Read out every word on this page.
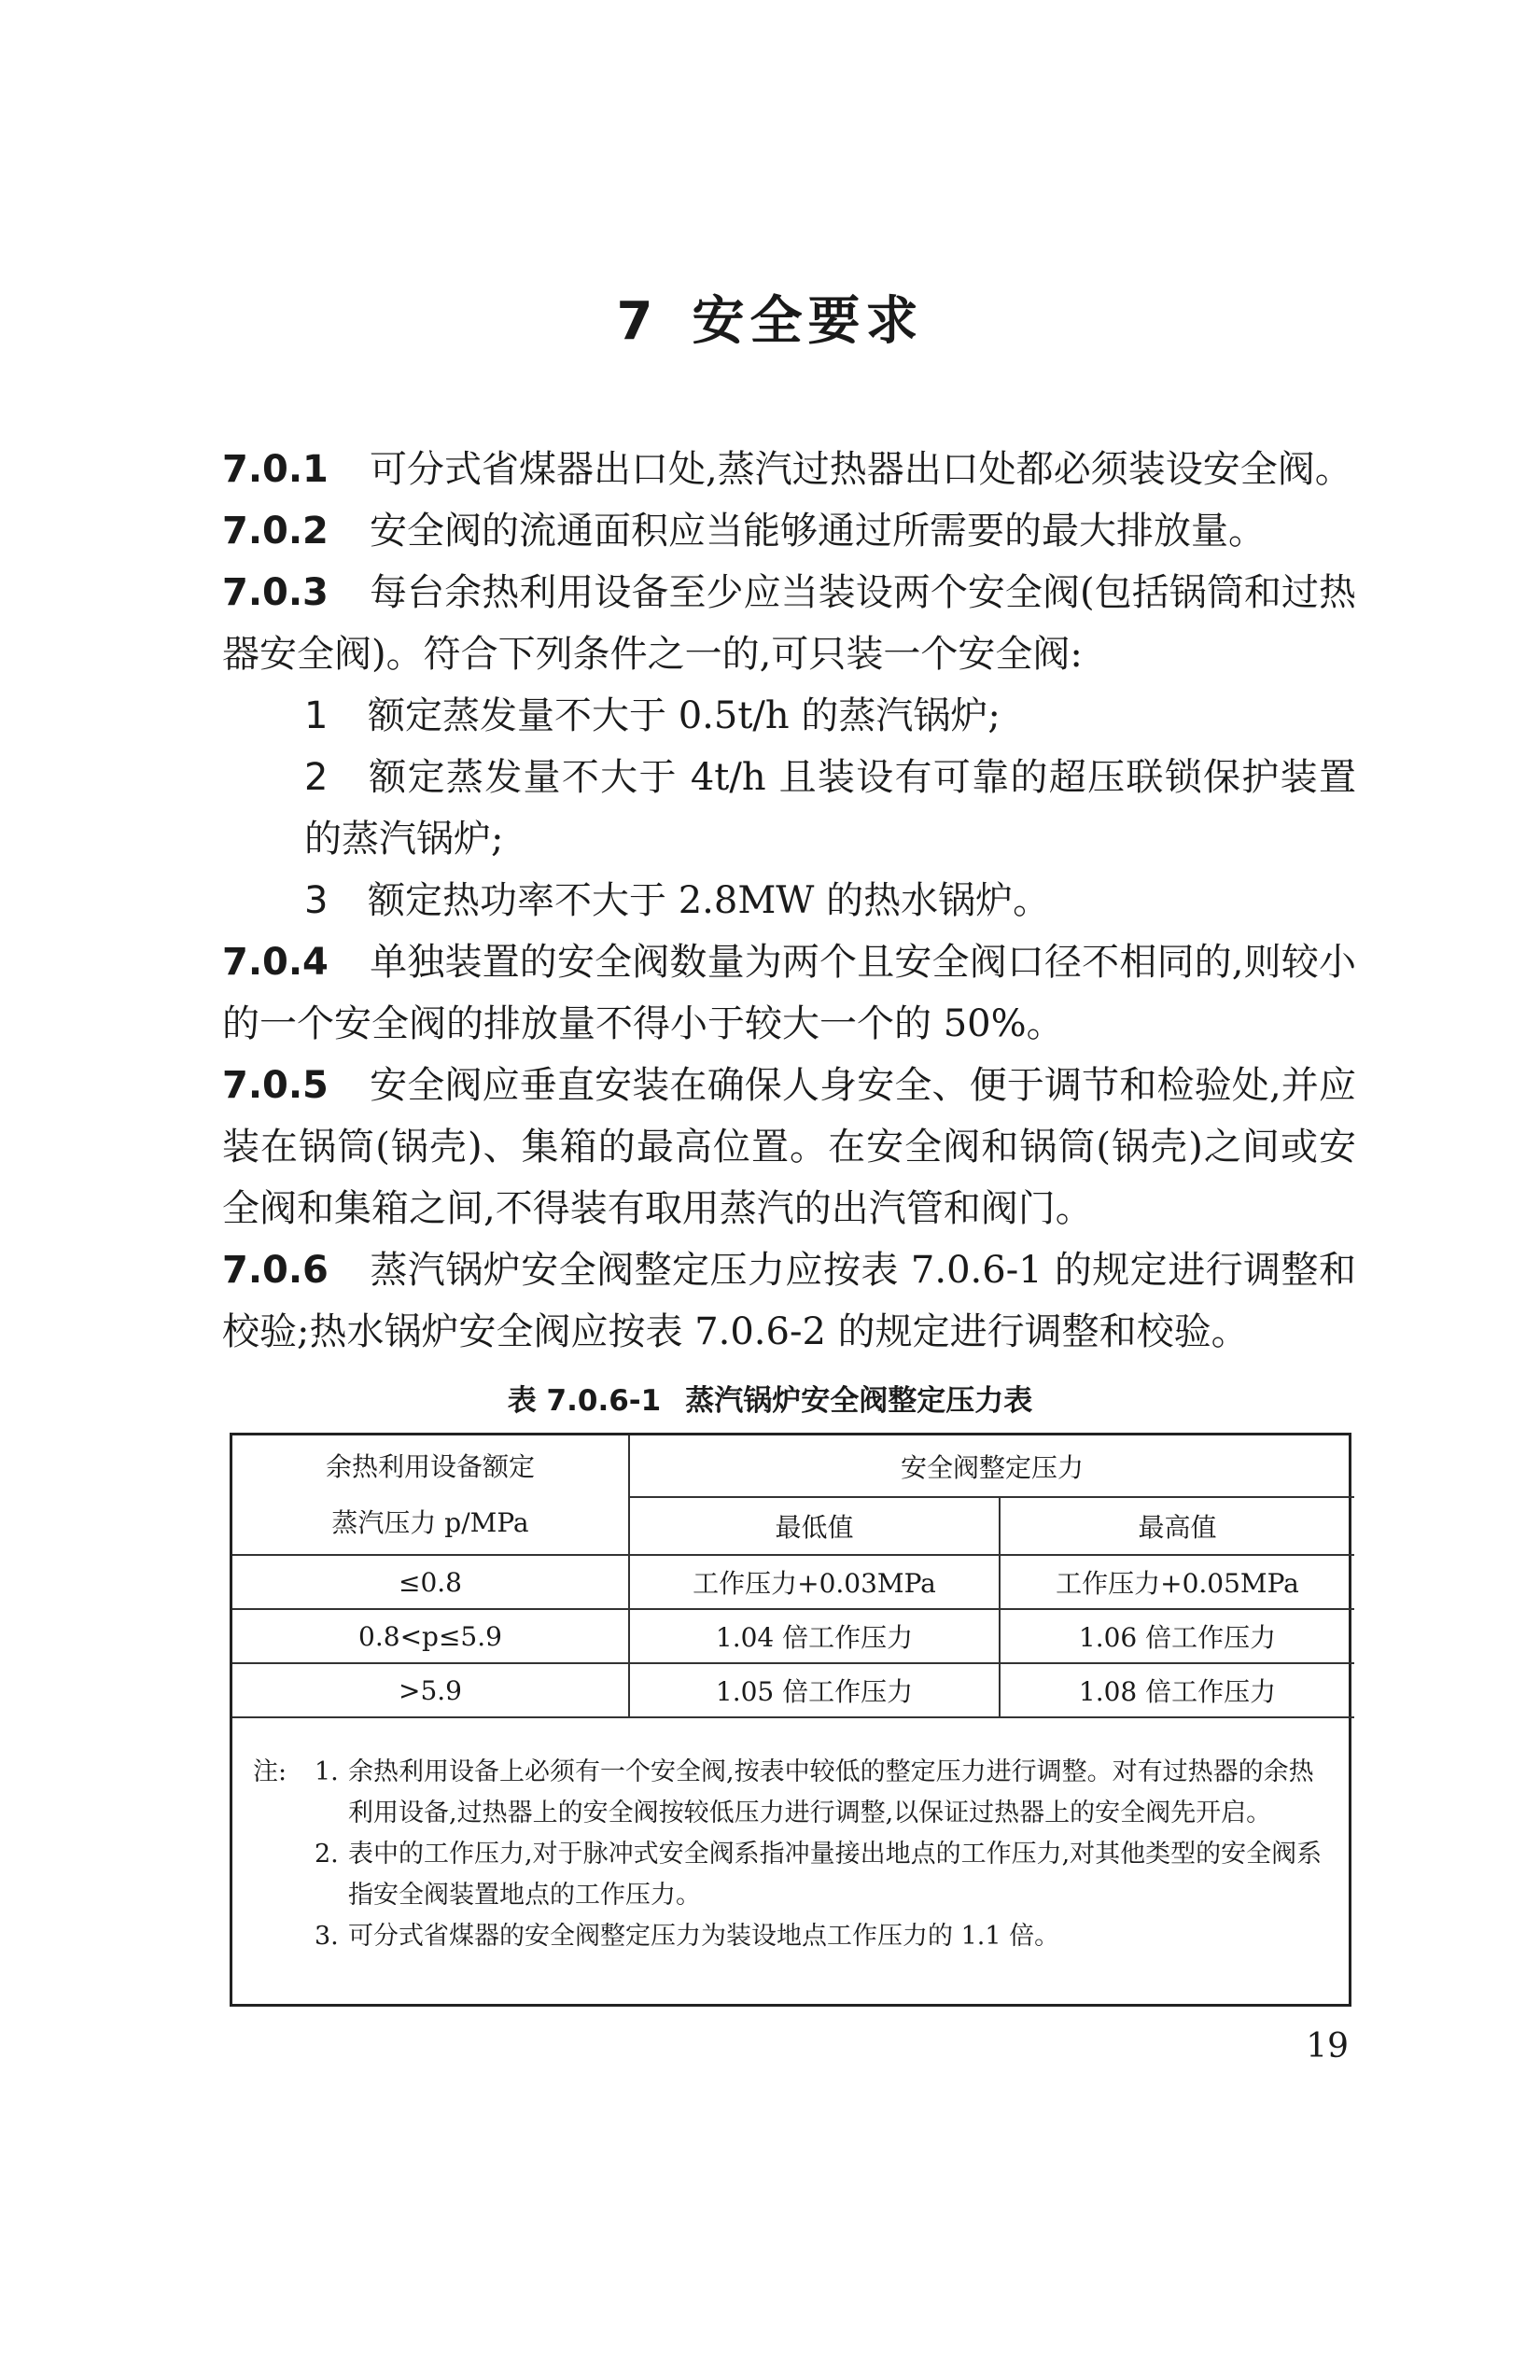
7 安全要求

7.0.1 可分式省煤器出口处,蒸汽过热器出口处都必须装设安全阀。

7.0.2 安全阀的流通面积应当能够通过所需要的最大排放量。

7.0.3 每台余热利用设备至少应当装设两个安全阀(包括锅筒和过热器安全阀)。符合下列条件之一的,可只装一个安全阀:

1 额定蒸发量不大于 0.5t/h 的蒸汽锅炉;

2 额定蒸发量不大于 4t/h 且装设有可靠的超压联锁保护装置的蒸汽锅炉;

3 额定热功率不大于 2.8MW 的热水锅炉。

7.0.4 单独装置的安全阀数量为两个且安全阀口径不相同的,则较小的一个安全阀的排放量不得小于较大一个的 50%。

7.0.5 安全阀应垂直安装在确保人身安全、便于调节和检验处,并应装在锅筒(锅壳)、集箱的最高位置。在安全阀和锅筒(锅壳)之间或安全阀和集箱之间,不得装有取用蒸汽的出汽管和阀门。

7.0.6 蒸汽锅炉安全阀整定压力应按表 7.0.6-1 的规定进行调整和校验;热水锅炉安全阀应按表 7.0.6-2 的规定进行调整和校验。

表 7.0.6-1 蒸汽锅炉安全阀整定压力表
余热利用设备额定
蒸汽压力 p/MPa	安全阀整定压力	
	最低值	最高值
≤0.8	工作压力+0.03MPa	工作压力+0.05MPa
0.8<p≤5.9	1.04 倍工作压力	1.06 倍工作压力
>5.9	1.05 倍工作压力	1.08 倍工作压力
注:	1. 余热利用设备上必须有一个安全阀,按表中较低的整定压力进行调整。对有过热器的余热利用设备,过热器上的安全阀按较低压力进行调整,以保证过热器上的安全阀先开启。
2. 表中的工作压力,对于脉冲式安全阀系指冲量接出地点的工作压力,对其他类型的安全阀系指安全阀装置地点的工作压力。
3. 可分式省煤器的安全阀整定压力为装设地点工作压力的 1.1 倍。
19
